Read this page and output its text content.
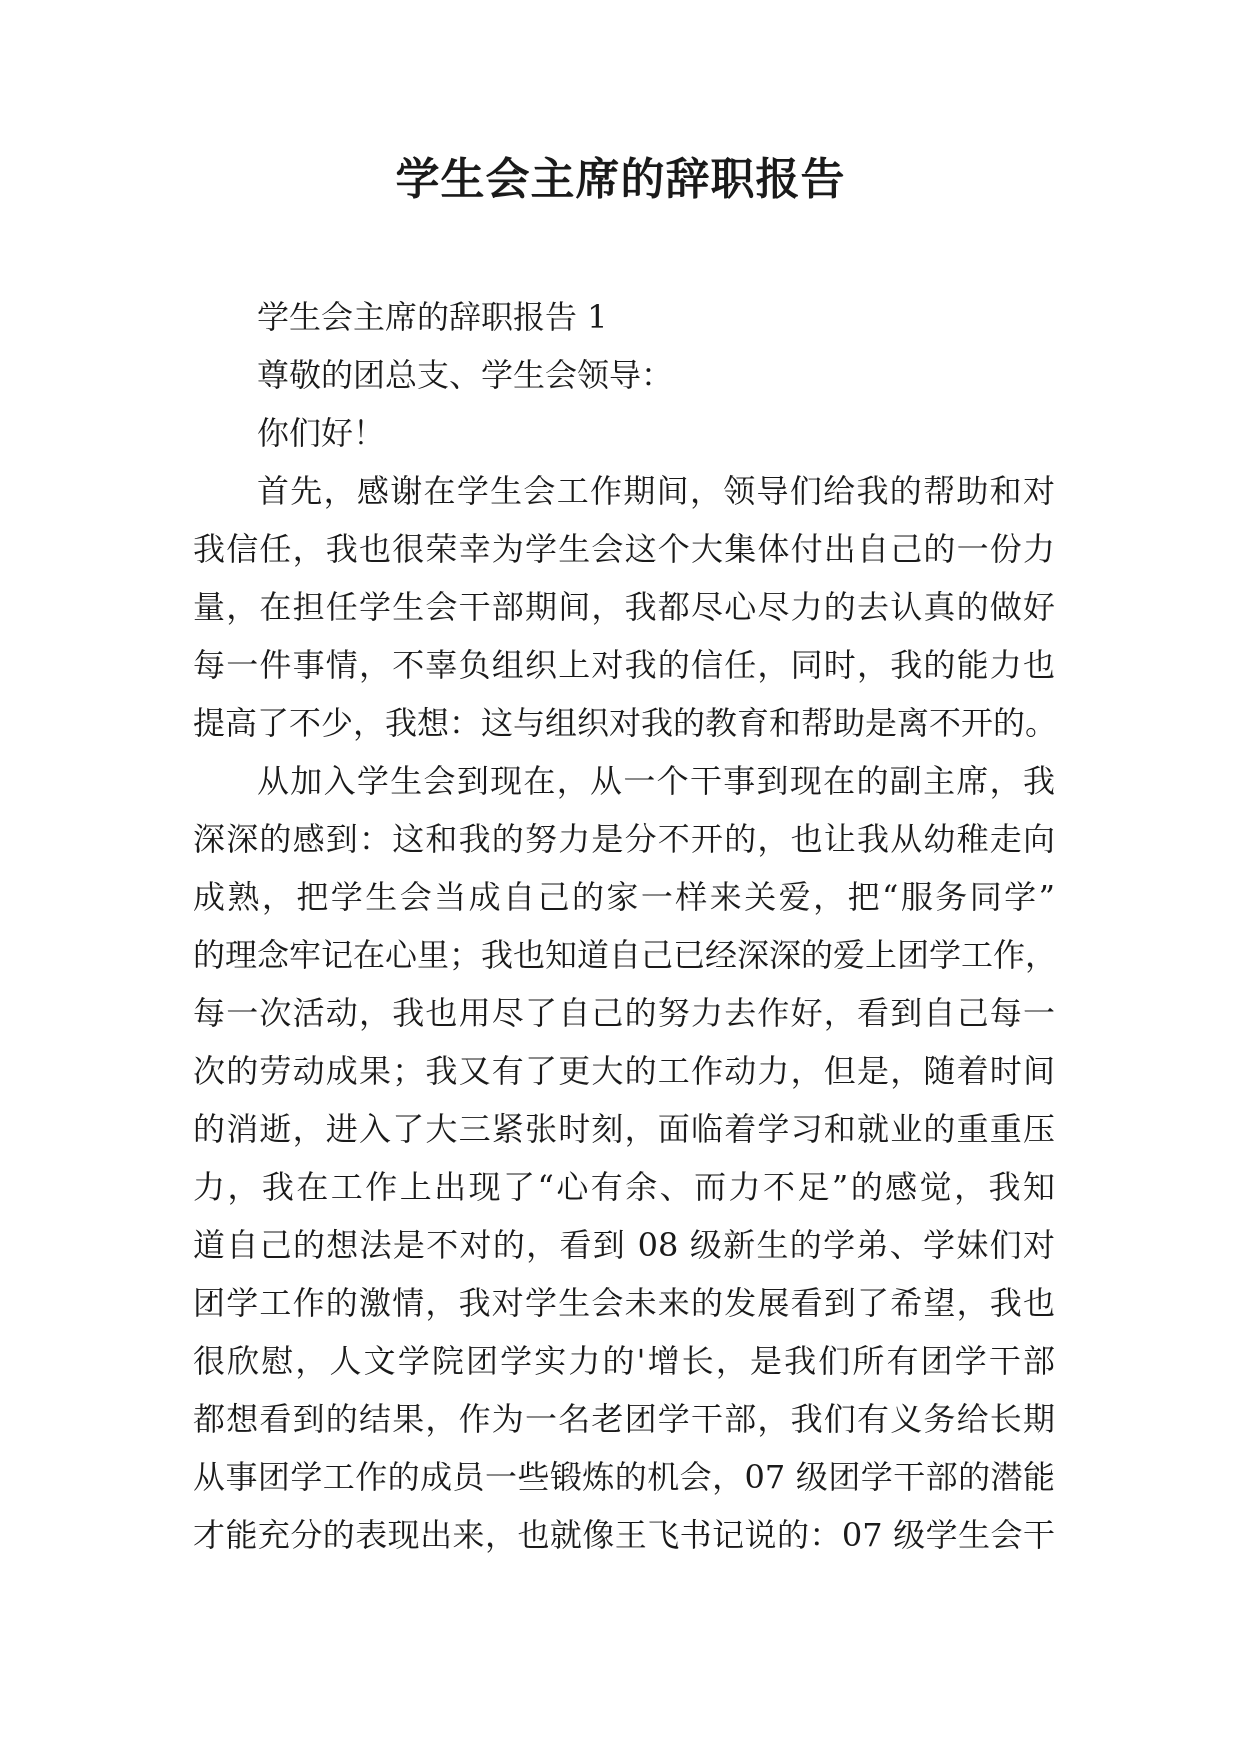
学生会主席的辞职报告
学生会主席的辞职报告 1
尊敬的团总支、学生会领导：
你们好！
首先，感谢在学生会工作期间，领导们给我的帮助和对
我信任，我也很荣幸为学生会这个大集体付出自己的一份力
量，在担任学生会干部期间，我都尽心尽力的去认真的做好
每一件事情，不辜负组织上对我的信任，同时，我的能力也
提高了不少，我想：这与组织对我的教育和帮助是离不开的。
从加入学生会到现在，从一个干事到现在的副主席，我
深深的感到：这和我的努力是分不开的，也让我从幼稚走向
成熟，把学生会当成自己的家一样来关爱，把“服务同学”
的理念牢记在心里；我也知道自己已经深深的爱上团学工作，
每一次活动，我也用尽了自己的努力去作好，看到自己每一
次的劳动成果；我又有了更大的工作动力，但是，随着时间
的消逝，进入了大三紧张时刻，面临着学习和就业的重重压
力，我在工作上出现了“心有余、而力不足”的感觉，我知
道自己的想法是不对的，看到 08 级新生的学弟、学妹们对
团学工作的激情，我对学生会未来的发展看到了希望，我也
很欣慰，人文学院团学实力的'增长，是我们所有团学干部
都想看到的结果，作为一名老团学干部，我们有义务给长期
从事团学工作的成员一些锻炼的机会，07 级团学干部的潜能
才能充分的表现出来，也就像王飞书记说的：07 级学生会干
